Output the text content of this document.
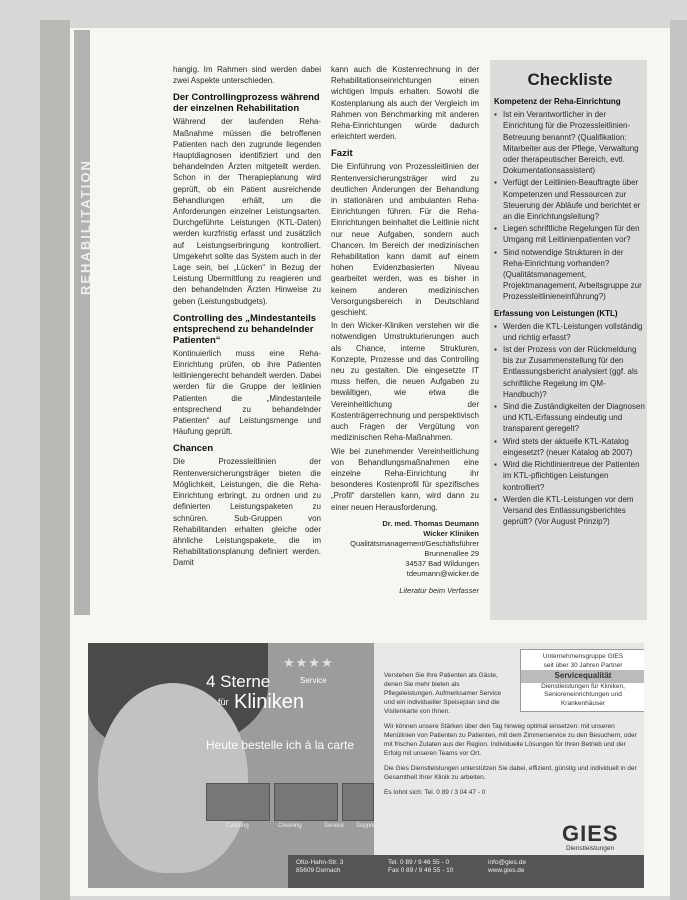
REHABILITATION

hangig. Im Rahmen sind werden dabei zwei Aspekte unterschieden.

Der Controllingprozess während der einzelnen Rehabilitation

Während der laufenden Reha-Maßnahme müssen die betroffenen Patienten nach den zugrunde liegenden Hauptdiagnosen identifiziert und den behandelnden Ärzten mitgeteilt werden. Schon in der Therapieplanung wird geprüft, ob ein Patient ausreichende Behandlungen erhält, um die Anforderungen einzelner Leistungsarten. Durchgeführte Leistungen (KTL-Daten) werden kurzfristig erfasst und zusätzlich auf Leistungserbringung kontrolliert. Umgekehrt sollte das System auch in der Lage sein, bei „Lücken“ in Bezug der Leistung Übermittlung zu reagieren und den behandelnden Ärzten Hinweise zu geben (Leistungsbudgets).

Controlling des „Mindestanteils entsprechend zu behandelnder Patienten“

Kontinuierlich muss eine Reha-Einrichtung prüfen, ob ihre Patienten leitliniengerecht behandelt werden. Dabei werden für die Gruppe der leitlinien Patienten die „Mindestanteile entsprechend zu behandelnder Patienten“ auf Leistungsmenge und Häufung geprüft.

Chancen

Die Prozessleitlinien der Rentenversicherungsträger bieten die Möglichkeit, Leistungen, die die Reha-Einrichtung erbringt, zu ordnen und zu definierten Leistungspaketen zu schnüren. Sub-Gruppen von Rehabilitanden erhalten gleiche oder ähnliche Leistungspakete, die im Rehabilitationsplanung definiert werden. Damit

kann auch die Kostenrechnung in der Rehabilitationseinrichtungen einen wichtigen Impuls erhalten. Sowohl die Kostenplanung als auch der Vergleich im Rahmen von Benchmarking mit anderen Reha-Einrichtungen würde dadurch erleichtert werden.

Fazit

Die Einführung von Prozessleitlinien der Rentenversicherungsträger wird zu deutlichen Änderungen der Behandlung in stationären und ambulanten Reha-Einrichtungen führen. Für die Reha-Einrichtungen beinhaltet die Leitlinie nicht nur neue Aufgaben, sondern auch Chancen. Im Bereich der medizinischen Rehabilitation kann damit auf einem hohen Evidenzbasierten Niveau gearbeitet werden, was es bisher in keinem anderen medizinischen Versorgungsbereich in Deutschland geschieht.

In den Wicker-Kliniken verstehen wir die notwendigen Umstrukturierungen auch als Chance, interne Strukturen, Konzepte, Prozesse und das Controlling neu zu gestalten. Die eingesetzte IT muss helfen, die neuen Aufgaben zu bewältigen, wie etwa die Vereinheitlichung der Kostenträgerrechnung und perspektivisch auch Fragen der Vergütung von medizinischen Reha-Maßnahmen.

Wie bei zunehmender Vereinheitlichung von Behandlungsmaßnahmen eine einzelne Reha-Einrichtung ihr besonderes Kostenprofil für spezifisches „Profil“ darstellen kann, wird dann zu einer neuen Herausforderung.

Dr. med. Thomas Deumann
Wicker Kliniken
Qualitätsmanagement/Geschäftsführer
Brunnenallee 29
34537 Bad Wildungen
tdeumann@wicker.de
Literatur beim Verfasser
Checkliste
Kompetenz der Reha-Einrichtung
▪ Ist ein Verantwortlicher in der Einrichtung für die Prozessleitlinien-Betreuung benannt? (Qualifikation: Mitarbeiter aus der Pflege, Verwaltung oder therapeutischer Bereich, evtl. Dokumentationsassistent)
▪ Verfügt der Leitlinien-Beauftragte über Kompetenzen und Ressourcen zur Steuerung der Abläufe und berichtet er an die Einrichtungsleitung?
▪ Liegen schriftliche Regelungen für den Umgang mit Leitlinienpatienten vor?
▪ Sind notwendige Strukturen in der Reha-Einrichtung vorhanden? (Qualitätsmanagement, Projektmanagement, Arbeitsgruppe zur Prozessleitlinieneinführung?)
Erfassung von Leistungen (KTL)
▪ Werden die KTL-Leistungen vollständig und richtig erfasst?
▪ Ist der Prozess von der Rückmeldung bis zur Zusammenstellung für den Entlassungsbericht analysiert (ggf. als schriftliche Regelung im QM-Handbuch)?
▪ Sind die Zuständigkeiten der Diagnosen und KTL-Erfassung eindeutig und transparent geregelt?
▪ Wird stets der aktuelle KTL-Katalog eingesetzt? (neuer Katalog ab 2007)
▪ Wird die Richtlinientreue der Patienten im KTL-pflichtigen Leistungen kontrolliert?
▪ Werden die KTL-Leistungen vor dem Versand des Entlassungsberichtes geprüft? (Vor August Prinzip?)
★★★★
4 Sterne	Service
für Kliniken
Heute bestelle ich à la carte
Catering	Cleaning	Service Support

Verstehen Sie Ihre Patienten als Gäste, denen Sie mehr bieten als Pflegeleistungen. Aufmerksamer Service und ein individueller Speiseplan sind die Visitenkarte von Ihnen.

Wir können unsere Stärken über den Tag hinweg optimal einsetzen: mit unseren Menülinien von Patienten zu Patienten, mit dem Zimmerservice zu den Besuchern, oder mit frischen Zutaten aus der Region. Individuelle Lösungen für Ihren Betrieb und der Erfolg mit unseren Teams vor Ort.

Die Gies Dienstleistungen unterstützen Sie dabei, effizient, günstig und individuell in der Gesamtheit Ihrer Klinik zu arbeiten.

Es lohnt sich: Tel. 0 89 / 3 04 47 - 0

Unternehmensgruppe GIES
seit über 30 Jahren Partner
Servicequalität
Dienstleistungen für Kliniken,
Senioreneinrichtungen und
Krankenhäuser
GIES
Dienstleistungen
Otto-Hahn-Str. 3
85609 Dornach
Tel. 0 89 / 9 46 55 - 0
Fax 0 89 / 9 46 55 - 10
info@gies.de
www.gies.de
